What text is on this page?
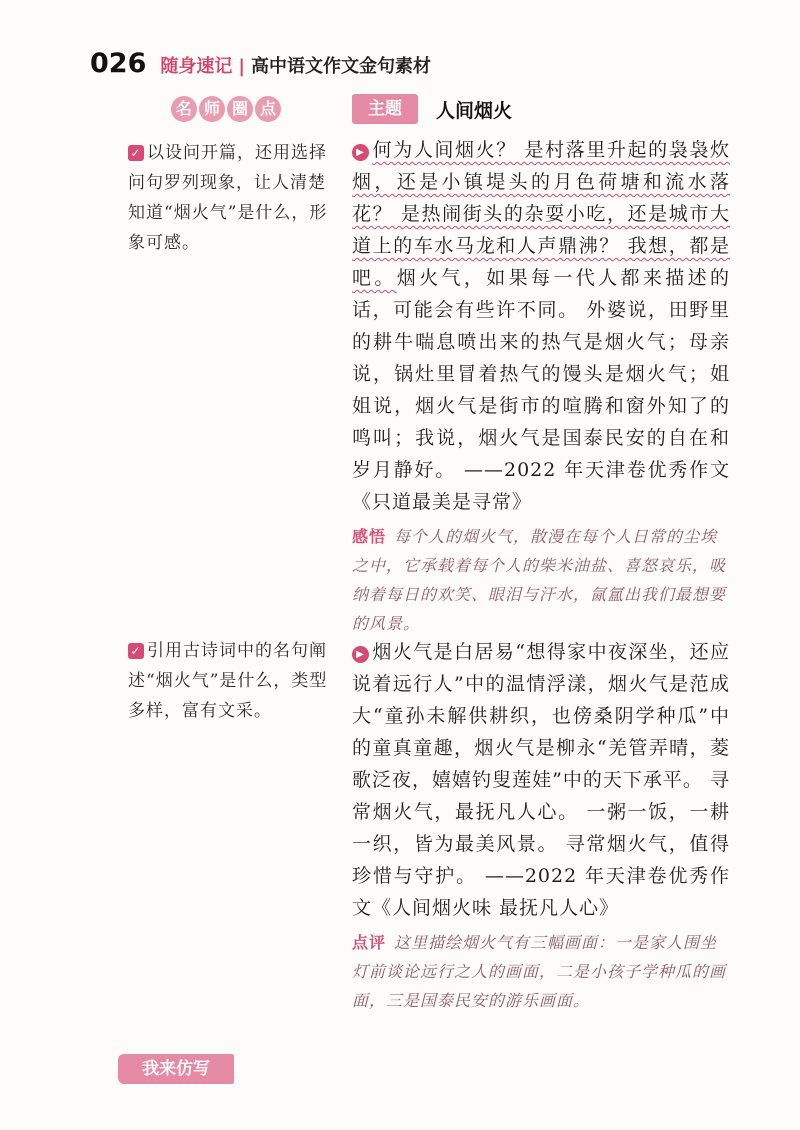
026 随身速记 | 高中语文作文金句素材
名 师 圈 点	主题	人间烟火
✓ 以设问开篇，还用选择问句罗列现象，让人清楚知道“烟火气”是什么，形象可感。
✓ 引用古诗词中的名句阐述“烟火气”是什么，类型多样，富有文采。
▶ 何为人间烟火？ 是村落里升起的袅袅炊烟，还是小镇堤头的月色荷塘和流水落花？ 是热闹街头的杂耍小吃，还是城市大道上的车水马龙和人声鼎沸？ 我想，都是吧。烟火气，如果每一代人都来描述的话，可能会有些许不同。 外婆说，田野里的耕牛喘息喷出来的热气是烟火气；母亲说，锅灶里冒着热气的馒头是烟火气；姐姐说，烟火气是街市的喧腾和窗外知了的鸣叫；我说，烟火气是国泰民安的自在和岁月静好。 ——2022 年天津卷优秀作文《只道最美是寻常》
感悟 每个人的烟火气，散漫在每个人日常的尘埃之中，它承载着每个人的柴米油盐、喜怒哀乐，吸纳着每日的欢笑、眼泪与汗水，氤氲出我们最想要的风景。
▶ 烟火气是白居易“想得家中夜深坐，还应说着远行人”中的温情浮漾，烟火气是范成大“童孙未解供耕织，也傍桑阴学种瓜”中的童真童趣，烟火气是柳永“羌管弄晴，菱歌泛夜，嬉嬉钓叟莲娃”中的天下承平。 寻常烟火气，最抚凡人心。 一粥一饭，一耕一织，皆为最美风景。 寻常烟火气，值得珍惜与守护。 ——2022 年天津卷优秀作文《人间烟火味 最抚凡人心》
点评 这里描绘烟火气有三幅画面：一是家人围坐灯前谈论远行之人的画面，二是小孩子学种瓜的画面，三是国泰民安的游乐画面。
我来仿写
